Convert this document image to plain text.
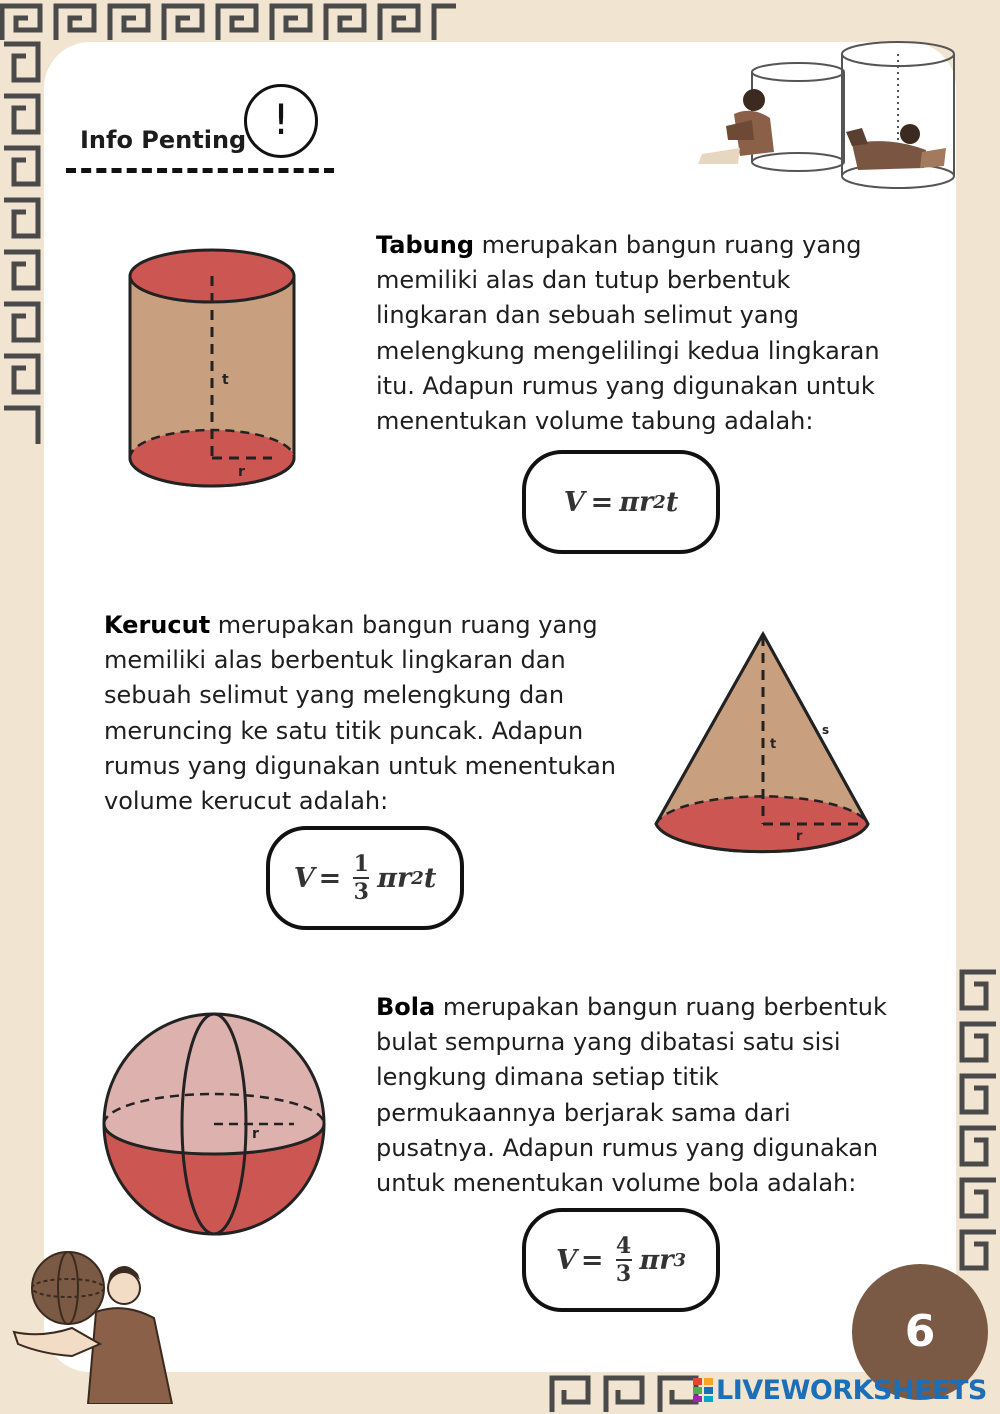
Info Penting !
t
r

Tabung merupakan bangun ruang yang memiliki alas dan tutup berbentuk lingkaran dan sebuah selimut yang melengkung mengelilingi kedua lingkaran itu. Adapun rumus yang digunakan untuk menentukan volume tabung adalah:

V = πr 2 t

Kerucut merupakan bangun ruang yang memiliki alas berbentuk lingkaran dan sebuah selimut yang melengkung dan meruncing ke satu titik puncak. Adapun rumus yang digunakan untuk menentukan volume kerucut adalah:

$V = \frac{1}{3}$ πr 2 t
t
s
r
r

Bola merupakan bangun ruang berbentuk bulat sempurna yang dibatasi satu sisi lengkung dimana setiap titik permukaannya berjarak sama dari pusatnya. Adapun rumus yang digunakan untuk menentukan volume bola adalah:

$V = \frac{4}{3}$ πr 3
6
LIVEWORKSHEETS
